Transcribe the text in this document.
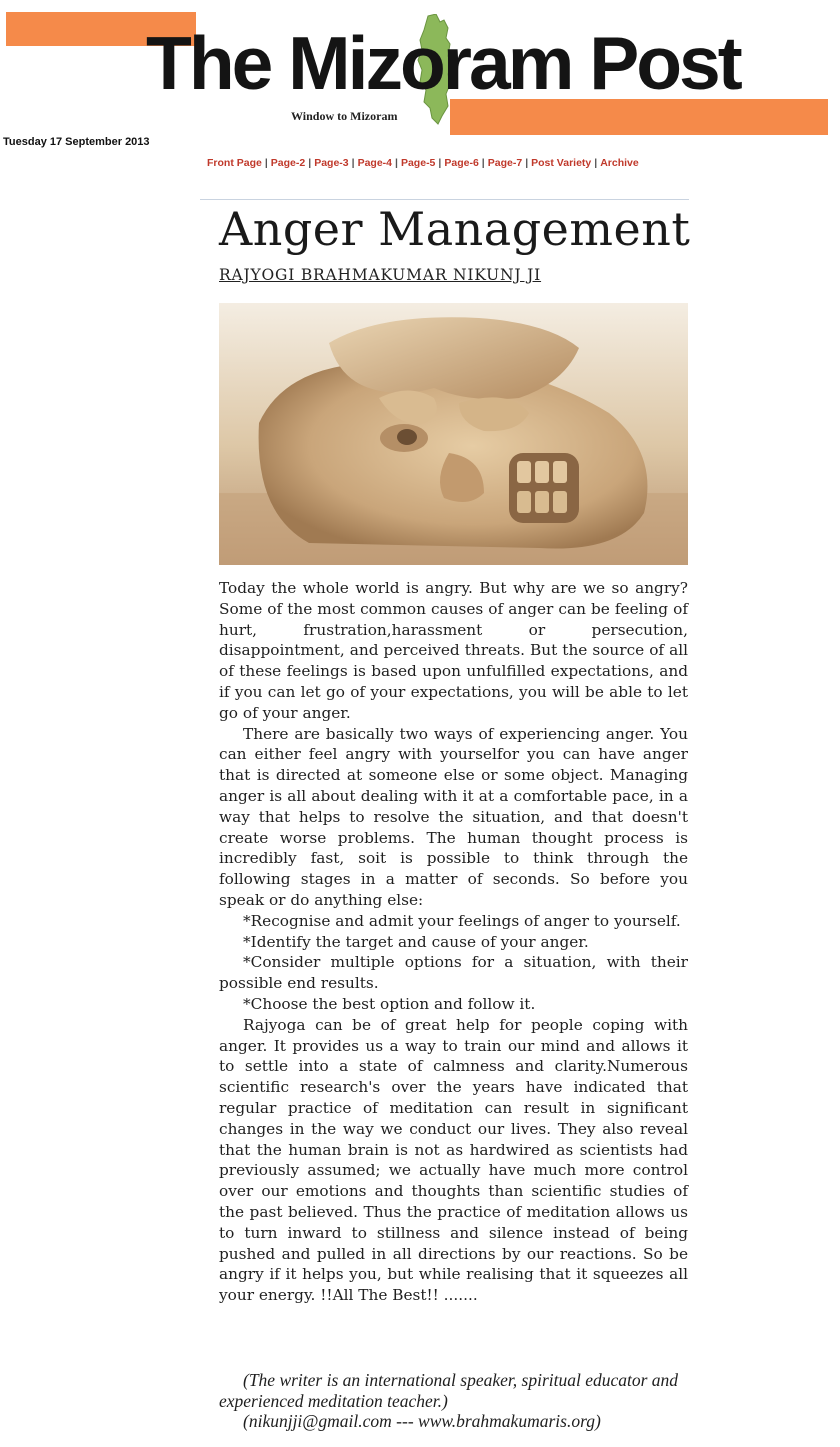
The Mizoram Post
Window to Mizoram
Tuesday 17 September 2013
Front Page | Page-2 | Page-3 | Page-4 | Page-5 | Page-6 | Page-7 | Post Variety | Archive
Anger Management
RAJYOGI BRAHMAKUMAR NIKUNJ JI

Today the whole world is angry. But why are we so angry? Some of the most common causes of anger can be feeling of hurt, frustration,harassment or persecution, disappointment, and perceived threats. But the source of all of these feelings is based upon unfulfilled expectations, and if you can let go of your expectations, you will be able to let go of your anger.

There are basically two ways of experiencing anger. You can either feel angry with yourselfor you can have anger that is directed at someone else or some object. Managing anger is all about dealing with it at a comfortable pace, in a way that helps to resolve the situation, and that doesn't create worse problems. The human thought process is incredibly fast, soit is possible to think through the following stages in a matter of seconds. So before you speak or do anything else:

*Recognise and admit your feelings of anger to yourself.

*Identify the target and cause of your anger.

*Consider multiple options for a situation, with their possible end results.

*Choose the best option and follow it.

Rajyoga can be of great help for people coping with anger. It provides us a way to train our mind and allows it to settle into a state of calmness and clarity.Numerous scientific research's over the years have indicated that regular practice of meditation can result in significant changes in the way we conduct our lives. They also reveal that the human brain is not as hardwired as scientists had previously assumed; we actually have much more control over our emotions and thoughts than scientific studies of the past believed. Thus the practice of meditation allows us to turn inward to stillness and silence instead of being pushed and pulled in all directions by our reactions. So be angry if it helps you, but while realising that it squeezes all your energy. !!All The Best!! .......

(The writer is an international speaker, spiritual educator and experienced meditation teacher.)

(nikunjji@gmail.com --- www.brahmakumaris.org)
